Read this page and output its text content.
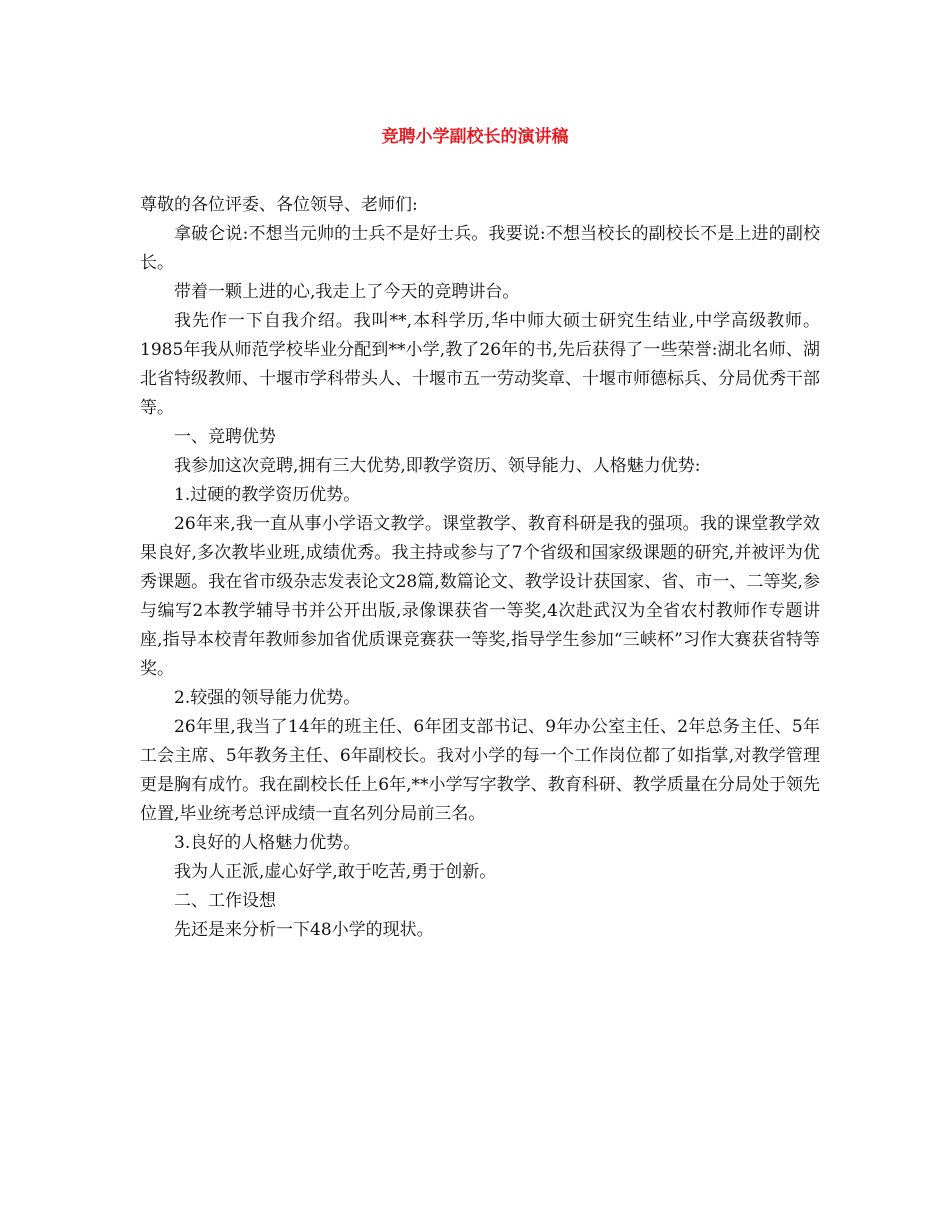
竞聘小学副校长的演讲稿

尊敬的各位评委、各位领导、老师们:

拿破仑说:不想当元帅的士兵不是好士兵。我要说:不想当校长的副校长不是上进的副校长。

带着一颗上进的心,我走上了今天的竞聘讲台。

我先作一下自我介绍。我叫**,本科学历,华中师大硕士研究生结业,中学高级教师。1985年我从师范学校毕业分配到**小学,教了26年的书,先后获得了一些荣誉:湖北名师、湖北省特级教师、十堰市学科带头人、十堰市五一劳动奖章、十堰市师德标兵、分局优秀干部等。

一、竞聘优势

我参加这次竞聘,拥有三大优势,即教学资历、领导能力、人格魅力优势:

1.过硬的教学资历优势。

26年来,我一直从事小学语文教学。课堂教学、教育科研是我的强项。我的课堂教学效果良好,多次教毕业班,成绩优秀。我主持或参与了7个省级和国家级课题的研究,并被评为优秀课题。我在省市级杂志发表论文28篇,数篇论文、教学设计获国家、省、市一、二等奖,参与编写2本教学辅导书并公开出版,录像课获省一等奖,4次赴武汉为全省农村教师作专题讲座,指导本校青年教师参加省优质课竞赛获一等奖,指导学生参加“三峡杯”习作大赛获省特等奖。

2.较强的领导能力优势。

26年里,我当了14年的班主任、6年团支部书记、9年办公室主任、2年总务主任、5年工会主席、5年教务主任、6年副校长。我对小学的每一个工作岗位都了如指掌,对教学管理更是胸有成竹。我在副校长任上6年,**小学写字教学、教育科研、教学质量在分局处于领先位置,毕业统考总评成绩一直名列分局前三名。

3.良好的人格魅力优势。

我为人正派,虚心好学,敢于吃苦,勇于创新。

二、工作设想

先还是来分析一下48小学的现状。
